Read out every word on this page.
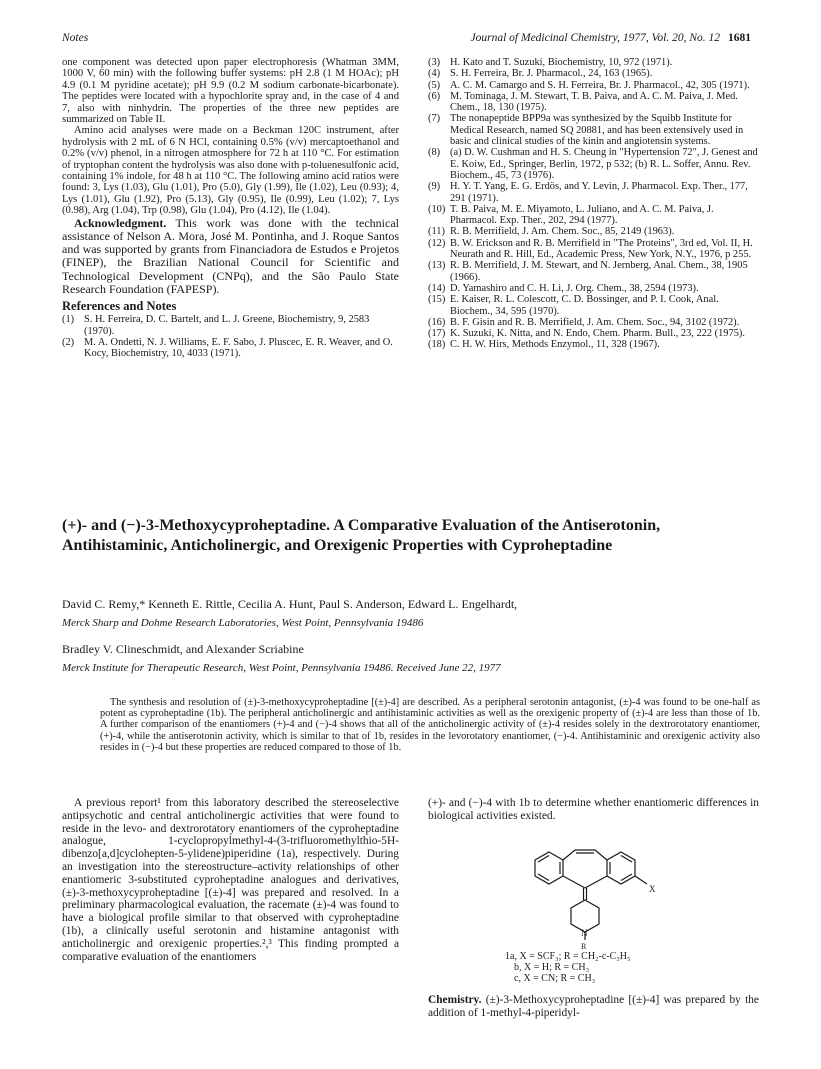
Notes	Journal of Medicinal Chemistry, 1977, Vol. 20, No. 12 1681

one component was detected upon paper electrophoresis (Whatman 3MM, 1000 V, 60 min) with the following buffer systems: pH 2.8 (1 M HOAc); pH 4.9 (0.1 M pyridine acetate); pH 9.9 (0.2 M sodium carbonate-bicarbonate). The peptides were located with a hypochlorite spray and, in the case of 4 and 7, also with ninhydrin. The properties of the three new peptides are summarized on Table II.

Amino acid analyses were made on a Beckman 120C instrument, after hydrolysis with 2 mL of 6 N HCl, containing 0.5% (v/v) mercaptoethanol and 0.2% (v/v) phenol, in a nitrogen atmosphere for 72 h at 110 °C. For estimation of tryptophan content the hydrolysis was also done with p-toluenesulfonic acid, containing 1% indole, for 48 h at 110 °C. The following amino acid ratios were found: 3, Lys (1.03), Glu (1.01), Pro (5.0), Gly (1.99), Ile (1.02), Leu (0.93); 4, Lys (1.01), Glu (1.92), Pro (5.13), Gly (0.95), Ile (0.99), Leu (1.02); 7, Lys (0.98), Arg (1.04), Trp (0.98), Glu (1.04), Pro (4.12), Ile (1.04).

Acknowledgment. This work was done with the technical assistance of Nelson A. Mora, José M. Pontinha, and J. Roque Santos and was supported by grants from Financiadora de Estudos e Projetos (FINEP), the Brazilian National Council for Scientific and Technological Development (CNPq), and the São Paulo State Research Foundation (FAPESP).

References and Notes
(1) S. H. Ferreira, D. C. Bartelt, and L. J. Greene, Biochemistry, 9, 2583 (1970).
(2) M. A. Ondetti, N. J. Williams, E. F. Sabo, J. Pluscec, E. R. Weaver, and O. Kocy, Biochemistry, 10, 4033 (1971).
(3) H. Kato and T. Suzuki, Biochemistry, 10, 972 (1971).
(4) S. H. Ferreira, Br. J. Pharmacol., 24, 163 (1965).
(5) A. C. M. Camargo and S. H. Ferreira, Br. J. Pharmacol., 42, 305 (1971).
(6) M. Tominaga, J. M. Stewart, T. B. Paiva, and A. C. M. Paiva, J. Med. Chem., 18, 130 (1975).
(7) The nonapeptide BPP9a was synthesized by the Squibb Institute for Medical Research, named SQ 20881, and has been extensively used in basic and clinical studies of the kinin and angiotensin systems.
(8) (a) D. W. Cushman and H. S. Cheung in "Hypertension 72", J. Genest and E. Koiw, Ed., Springer, Berlin, 1972, p 532; (b) R. L. Soffer, Annu. Rev. Biochem., 45, 73 (1976).
(9) H. Y. T. Yang, E. G. Erdös, and Y. Levin, J. Pharmacol. Exp. Ther., 177, 291 (1971).
(10) T. B. Paiva, M. E. Miyamoto, L. Juliano, and A. C. M. Paiva, J. Pharmacol. Exp. Ther., 202, 294 (1977).
(11) R. B. Merrifield, J. Am. Chem. Soc., 85, 2149 (1963).
(12) B. W. Erickson and R. B. Merrifield in "The Proteins", 3rd ed, Vol. II, H. Neurath and R. Hill, Ed., Academic Press, New York, N.Y., 1976, p 255.
(13) R. B. Merrifield, J. M. Stewart, and N. Jernberg, Anal. Chem., 38, 1905 (1966).
(14) D. Yamashiro and C. H. Li, J. Org. Chem., 38, 2594 (1973).
(15) E. Kaiser, R. L. Colescott, C. D. Bossinger, and P. I. Cook, Anal. Biochem., 34, 595 (1970).
(16) B. F. Gisin and R. B. Merrifield, J. Am. Chem. Soc., 94, 3102 (1972).
(17) K. Suzuki, K. Nitta, and N. Endo, Chem. Pharm. Bull., 23, 222 (1975).
(18) C. H. W. Hirs, Methods Enzymol., 11, 328 (1967).
(+)- and (−)-3-Methoxycyproheptadine. A Comparative Evaluation of the Antiserotonin, Antihistaminic, Anticholinergic, and Orexigenic Properties with Cyproheptadine
David C. Remy,* Kenneth E. Rittle, Cecilia A. Hunt, Paul S. Anderson, Edward L. Engelhardt,
Merck Sharp and Dohme Research Laboratories, West Point, Pennsylvania 19486
Bradley V. Clineschmidt, and Alexander Scriabine
Merck Institute for Therapeutic Research, West Point, Pennsylvania 19486. Received June 22, 1977

The synthesis and resolution of (±)-3-methoxycyproheptadine [(±)-4] are described. As a peripheral serotonin antagonist, (±)-4 was found to be one-half as potent as cyproheptadine (1b). The peripheral anticholinergic and antihistaminic activities as well as the orexigenic property of (±)-4 are less than those of 1b. A further comparison of the enantiomers (+)-4 and (−)-4 shows that all of the anticholinergic activity of (±)-4 resides solely in the dextrorotatory enantiomer, (+)-4, while the antiserotonin activity, which is similar to that of 1b, resides in the levorotatory enantiomer, (−)-4. Antihistaminic and orexigenic activity also resides in (−)-4 but these properties are reduced compared to those of 1b.

A previous report¹ from this laboratory described the stereoselective antipsychotic and central anticholinergic activities that were found to reside in the levo- and dextrorotatory enantiomers of the cyproheptadine analogue, 1-cyclopropylmethyl-4-(3-trifluoromethylthio-5H-dibenzo[a,d]cyclohepten-5-ylidene)piperidine (1a), respectively. During an investigation into the stereostructure–activity relationships of other enantiomeric 3-substituted cyproheptadine analogues and derivatives, (±)-3-methoxycyproheptadine [(±)-4] was prepared and resolved. In a preliminary pharmacological evaluation, the racemate (±)-4 was found to have a biological profile similar to that observed with cyproheptadine (1b), a clinically useful serotonin and histamine antagonist with anticholinergic and orexigenic properties.²,³ This finding prompted a comparative evaluation of the enantiomers

(+)- and (−)-4 with 1b to determine whether enantiomeric differences in biological activities existed.

X
N
R
1a, X = SCF₃; R = CH₂-c-C₃H₅
b, X = H; R = CH₃
c, X = CN; R = CH₃
Chemistry. (±)-3-Methoxycyproheptadine [(±)-4] was prepared by the addition of 1-methyl-4-piperidyl-
